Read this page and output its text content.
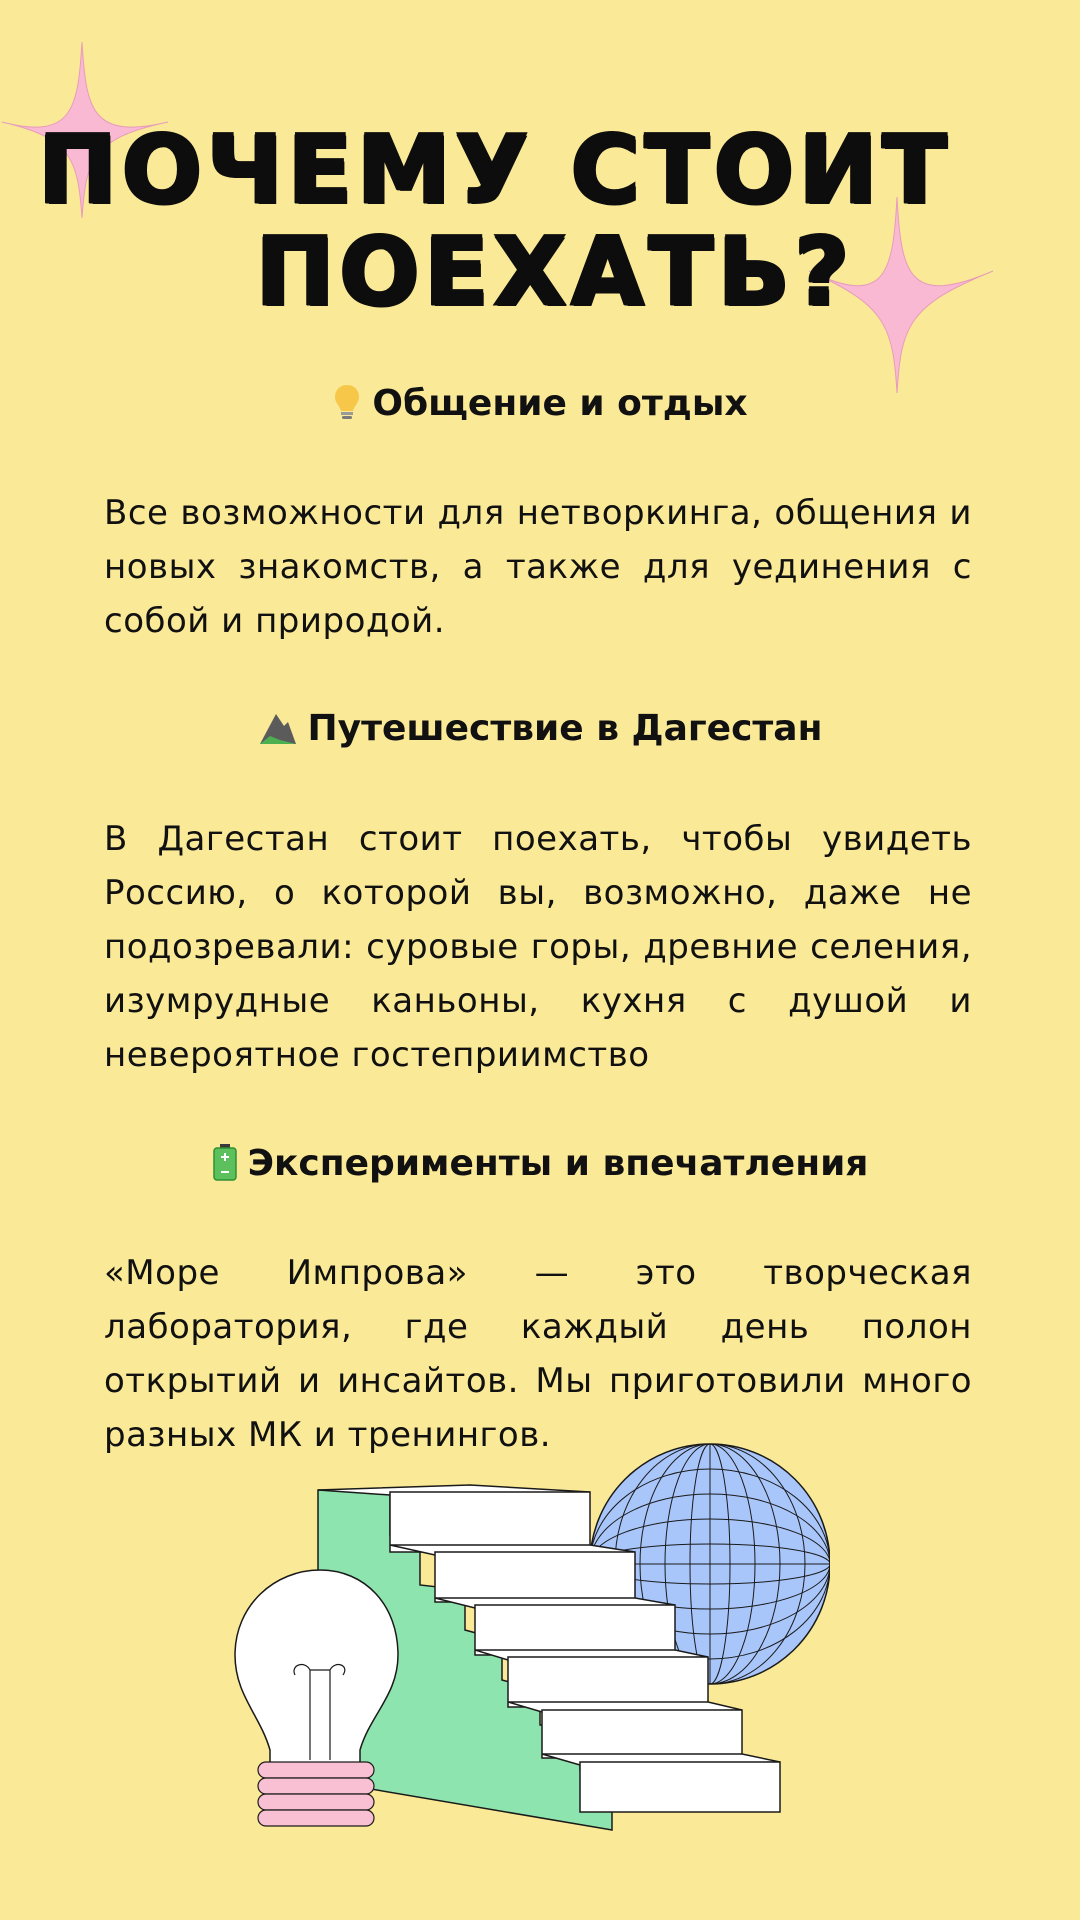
ПОЧЕМУ СТОИТ
ПОЕХАТЬ?
Общение и отдых

Все возможности для нетворкинга, общения и новых знакомств, а также для уединения с собой и природой.

Путешествие в Дагестан

В Дагестан стоит поехать, чтобы увидеть Россию, о которой вы, возможно, даже не подозревали: суровые горы, древние селения, изумрудные каньоны, кухня с душой и невероятное гостеприимство

Эксперименты и впечатления

«Море Импрова» — это творческая лаборатория, где каждый день полон открытий и инсайтов. Мы приготовили много разных МК и тренингов.
